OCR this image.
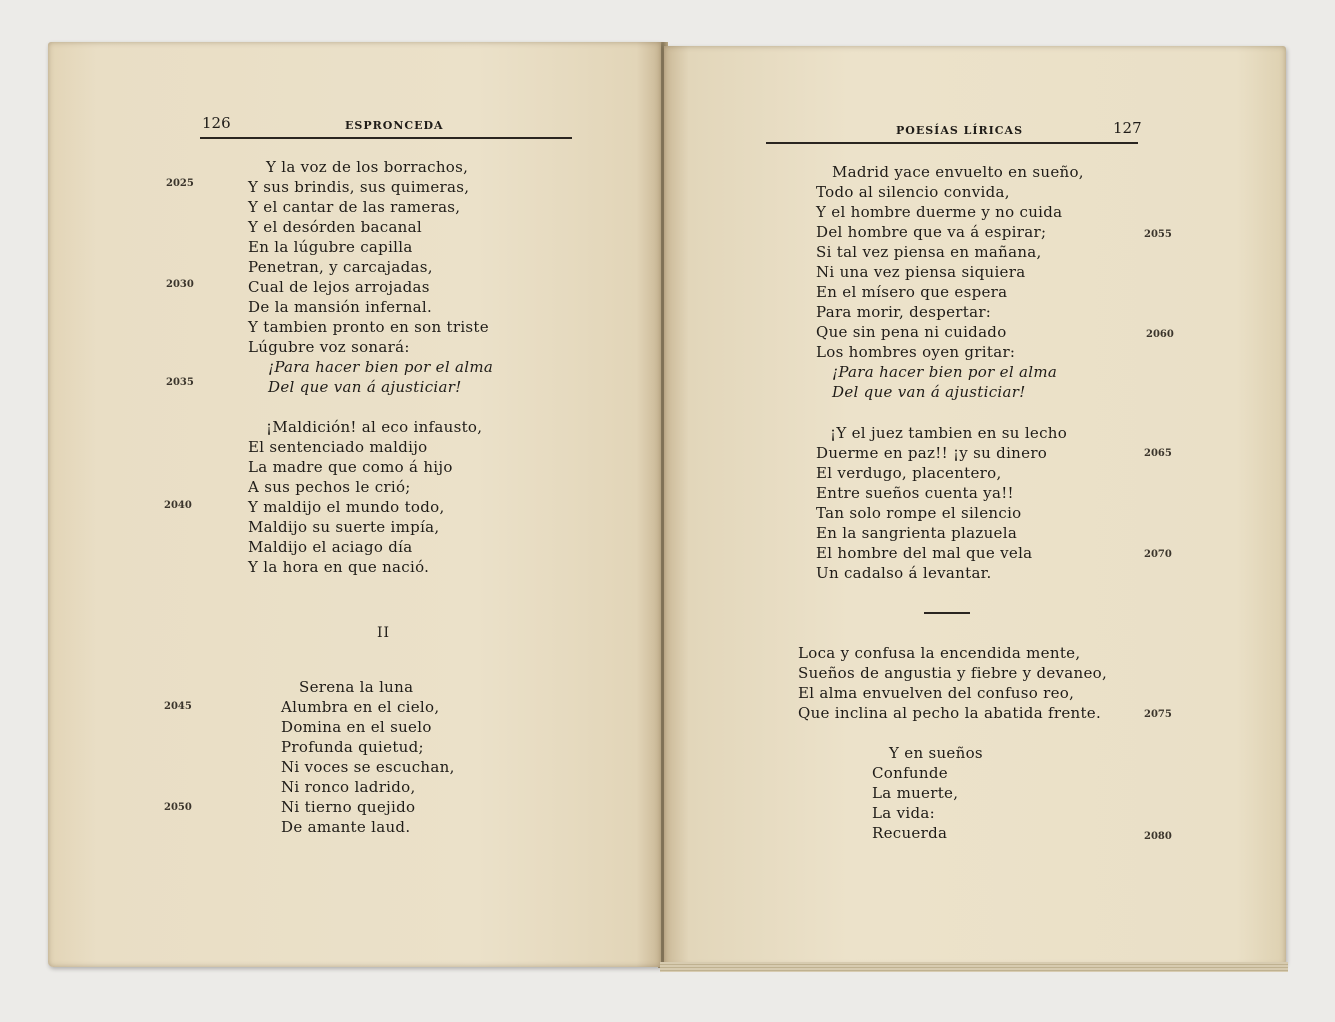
126	ESPRONCEDA
Y la voz de los borrachos,
Y sus brindis, sus quimeras,
Y el cantar de las rameras,
Y el desórden bacanal
En la lúgubre capilla
Penetran, y carcajadas,
Cual de lejos arrojadas
De la mansión infernal.
Y tambien pronto en son triste
Lúgubre voz sonará:
¡Para hacer bien por el alma
Del que van á ajusticiar!
¡Maldición! al eco infausto,
El sentenciado maldijo
La madre que como á hijo
A sus pechos le crió;
Y maldijo el mundo todo,
Maldijo su suerte impía,
Maldijo el aciago día
Y la hora en que nació.
II
Serena la luna
Alumbra en el cielo,
Domina en el suelo
Profunda quietud;
Ni voces se escuchan,
Ni ronco ladrido,
Ni tierno quejido
De amante laud.
2025
2030
2035
2040
2045
2050
POESÍAS LÍRICAS	127
Madrid yace envuelto en sueño,
Todo al silencio convida,
Y el hombre duerme y no cuida
Del hombre que va á espirar;
Si tal vez piensa en mañana,
Ni una vez piensa siquiera
En el mísero que espera
Para morir, despertar:
Que sin pena ni cuidado
Los hombres oyen gritar:
¡Para hacer bien por el alma
Del que van á ajusticiar!
¡Y el juez tambien en su lecho
Duerme en paz!! ¡y su dinero
El verdugo, placentero,
Entre sueños cuenta ya!!
Tan solo rompe el silencio
En la sangrienta plazuela
El hombre del mal que vela
Un cadalso á levantar.
Loca y confusa la encendida mente,
Sueños de angustia y fiebre y devaneo,
El alma envuelven del confuso reo,
Que inclina al pecho la abatida frente.
Y en sueños
Confunde
La muerte,
La vida:
Recuerda
2055
2060
2065
2070
2075
2080
